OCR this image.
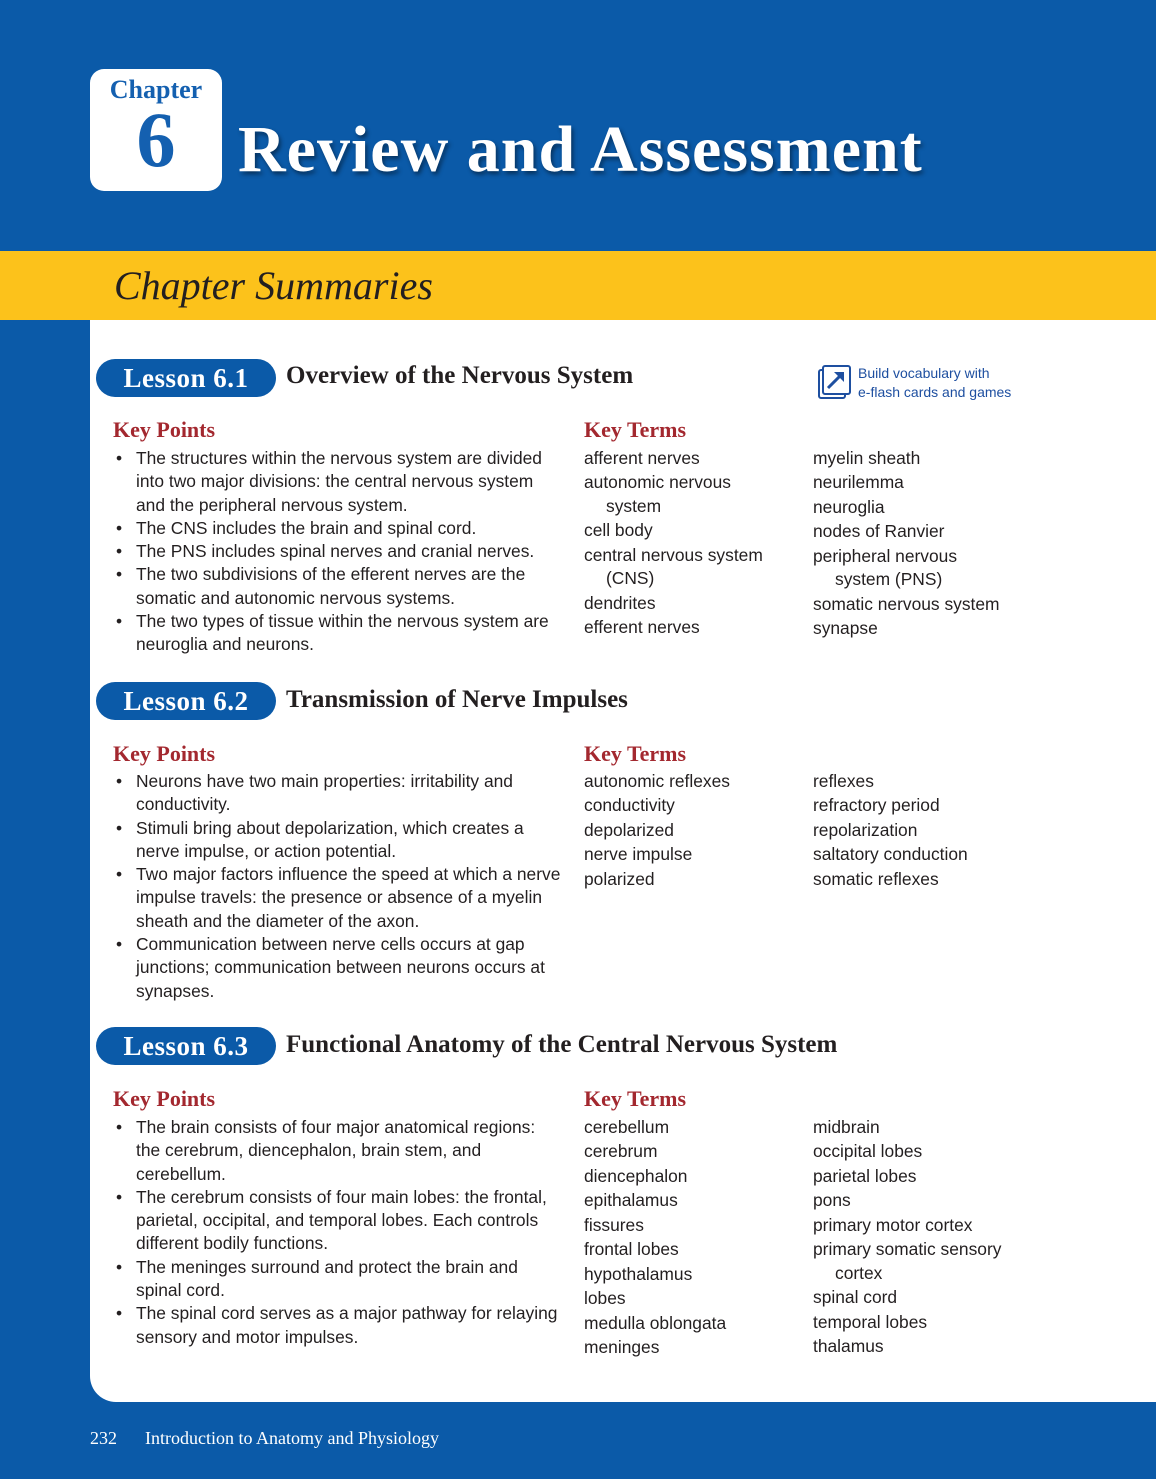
Chapter
6 Review and Assessment
Chapter Summaries
Build vocabulary with
e-flash cards and games
Lesson 6.1	Overview of the Nervous System
Key Points	Key Terms
• The structures within the nervous system are divided into two major divisions: the central nervous system and the peripheral nervous system.
• The CNS includes the brain and spinal cord.
• The PNS includes spinal nerves and cranial nerves.
• The two subdivisions of the efferent nerves are the somatic and autonomic nervous systems.
• The two types of tissue within the nervous system are neuroglia and neurons.
afferent nerves
autonomic nervous system
cell body
central nervous system (CNS)
dendrites
efferent nerves
myelin sheath
neurilemma
neuroglia
nodes of Ranvier
peripheral nervous system (PNS)
somatic nervous system
synapse
Lesson 6.2	Transmission of Nerve Impulses
Key Points	Key Terms
• Neurons have two main properties: irritability and conductivity.
• Stimuli bring about depolarization, which creates a nerve impulse, or action potential.
• Two major factors influence the speed at which a nerve impulse travels: the presence or absence of a myelin sheath and the diameter of the axon.
• Communication between nerve cells occurs at gap junctions; communication between neurons occurs at synapses.
autonomic reflexes
conductivity
depolarized
nerve impulse
polarized
reflexes
refractory period
repolarization
saltatory conduction
somatic reflexes
Lesson 6.3	Functional Anatomy of the Central Nervous System
Key Points	Key Terms
• The brain consists of four major anatomical regions: the cerebrum, diencephalon, brain stem, and cerebellum.
• The cerebrum consists of four main lobes: the frontal, parietal, occipital, and temporal lobes. Each controls different bodily functions.
• The meninges surround and protect the brain and spinal cord.
• The spinal cord serves as a major pathway for relaying sensory and motor impulses.
cerebellum
cerebrum
diencephalon
epithalamus
fissures
frontal lobes
hypothalamus
lobes
medulla oblongata
meninges
midbrain
occipital lobes
parietal lobes
pons
primary motor cortex
primary somatic sensory cortex
spinal cord
temporal lobes
thalamus
232 Introduction to Anatomy and Physiology
